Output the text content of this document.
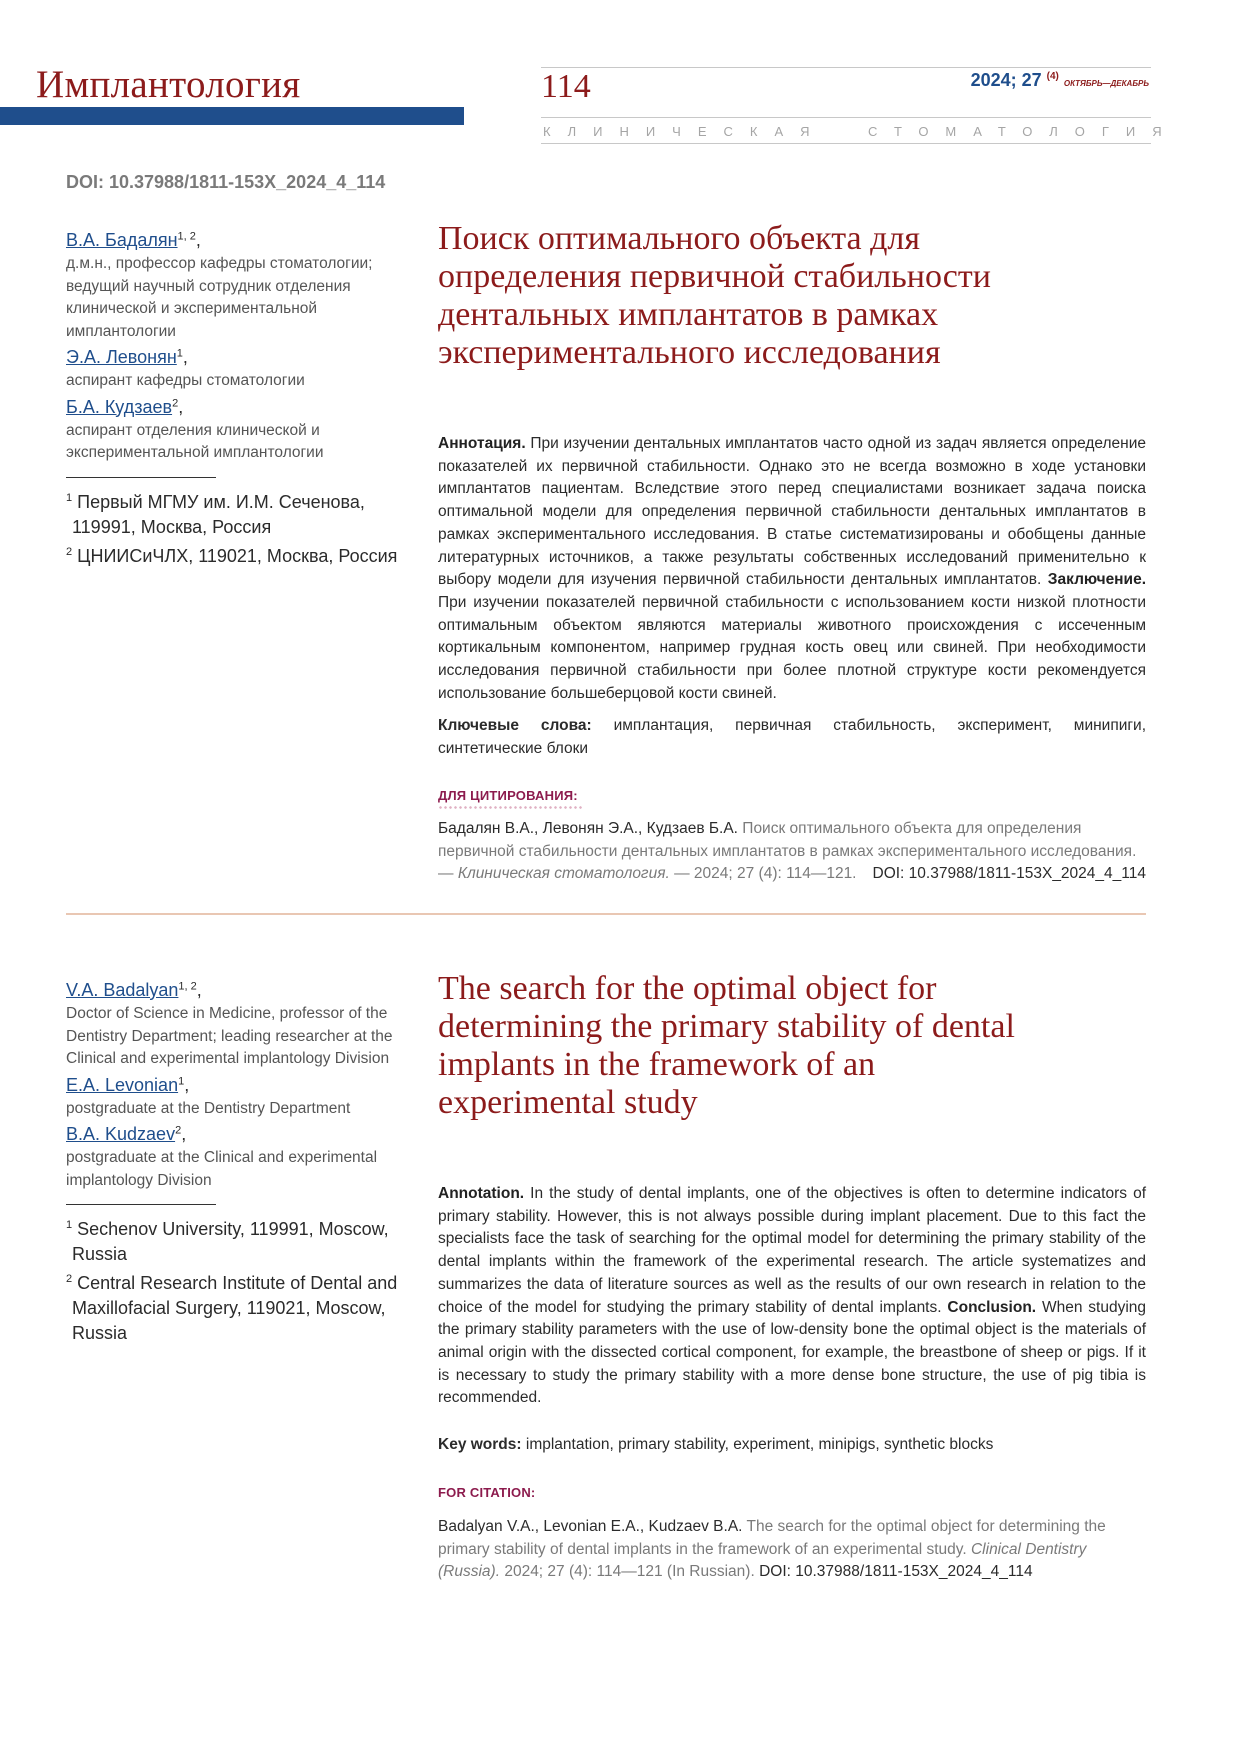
Имплантология	114	2024; 27 $^{(4)}$ ОКТЯБРЬ—ДЕКАБРЬ
КЛИНИЧЕСКАЯ	СТОМАТОЛОГИЯ
DOI: 10.37988/1811-153X_2024_4_114
В.А. Бадалян$^{1, 2}$,
д.м.н., профессор кафедры стоматологии; ведущий научный сотрудник отделения клинической и экспериментальной имплантологии
Э.А. Левонян$^1$,
аспирант кафедры стоматологии
Б.А. Кудзаев$^2$,
аспирант отделения клинической и экспериментальной имплантологии
$^1$ Первый МГМУ им. И.М. Сеченова, 119991, Москва, Россия
$^2$ ЦНИИСиЧЛХ, 119021, Москва, Россия
Поиск оптимального объекта для определения первичной стабильности дентальных имплантатов в рамках экспериментального исследования
Аннотация. При изучении дентальных имплантатов часто одной из задач является определение показателей их первичной стабильности. Однако это не всегда возможно в ходе установки имплантатов пациентам. Вследствие этого перед специалистами возникает задача поиска оптимальной модели для определения первичной стабильности дентальных имплантатов в рамках экспериментального исследования. В статье систематизированы и обобщены данные литературных источников, а также результаты собственных исследований применительно к выбору модели для изучения первичной стабильности дентальных имплантатов. Заключение. При изучении показателей первичной стабильности с использованием кости низкой плотности оптимальным объектом являются материалы животного происхождения с иссеченным кортикальным компонентом, например грудная кость овец или свиней. При необходимости исследования первичной стабильности при более плотной структуре кости рекомендуется использование большеберцовой кости свиней.
Ключевые слова: имплантация, первичная стабильность, эксперимент, минипиги, синтетические блоки
ДЛЯ ЦИТИРОВАНИЯ:
Бадалян В.А., Левонян Э.А., Кудзаев Б.А. Поиск оптимального объекта для определения первичной стабильности дентальных имплантатов в рамках экспериментального исследования. — Клиническая стоматология. — 2024; 27 (4): 114—121. DOI: 10.37988/1811-153X_2024_4_114
V.A. Badalyan$^{1, 2}$,
Doctor of Science in Medicine, professor of the Dentistry Department; leading researcher at the Clinical and experimental implantology Division
E.A. Levonian$^1$,
postgraduate at the Dentistry Department
B.A. Kudzaev$^2$,
postgraduate at the Clinical and experimental implantology Division
$^1$ Sechenov University, 119991, Moscow, Russia
$^2$ Central Research Institute of Dental and Maxillofacial Surgery, 119021, Moscow, Russia
The search for the optimal object for determining the primary stability of dental implants in the framework of an experimental study
Annotation. In the study of dental implants, one of the objectives is often to determine indicators of primary stability. However, this is not always possible during implant placement. Due to this fact the specialists face the task of searching for the optimal model for determining the primary stability of the dental implants within the framework of the experimental research. The article systematizes and summarizes the data of literature sources as well as the results of our own research in relation to the choice of the model for studying the primary stability of dental implants. Conclusion. When studying the primary stability parameters with the use of low-density bone the optimal object is the materials of animal origin with the dissected cortical component, for example, the breastbone of sheep or pigs. If it is necessary to study the primary stability with a more dense bone structure, the use of pig tibia is recommended.
Key words: implantation, primary stability, experiment, minipigs, synthetic blocks
FOR CITATION:
Badalyan V.A., Levonian E.A., Kudzaev B.A. The search for the optimal object for determining the primary stability of dental implants in the framework of an experimental study. Clinical Dentistry (Russia). 2024; 27 (4): 114—121 (In Russian). DOI: 10.37988/1811-153X_2024_4_114
